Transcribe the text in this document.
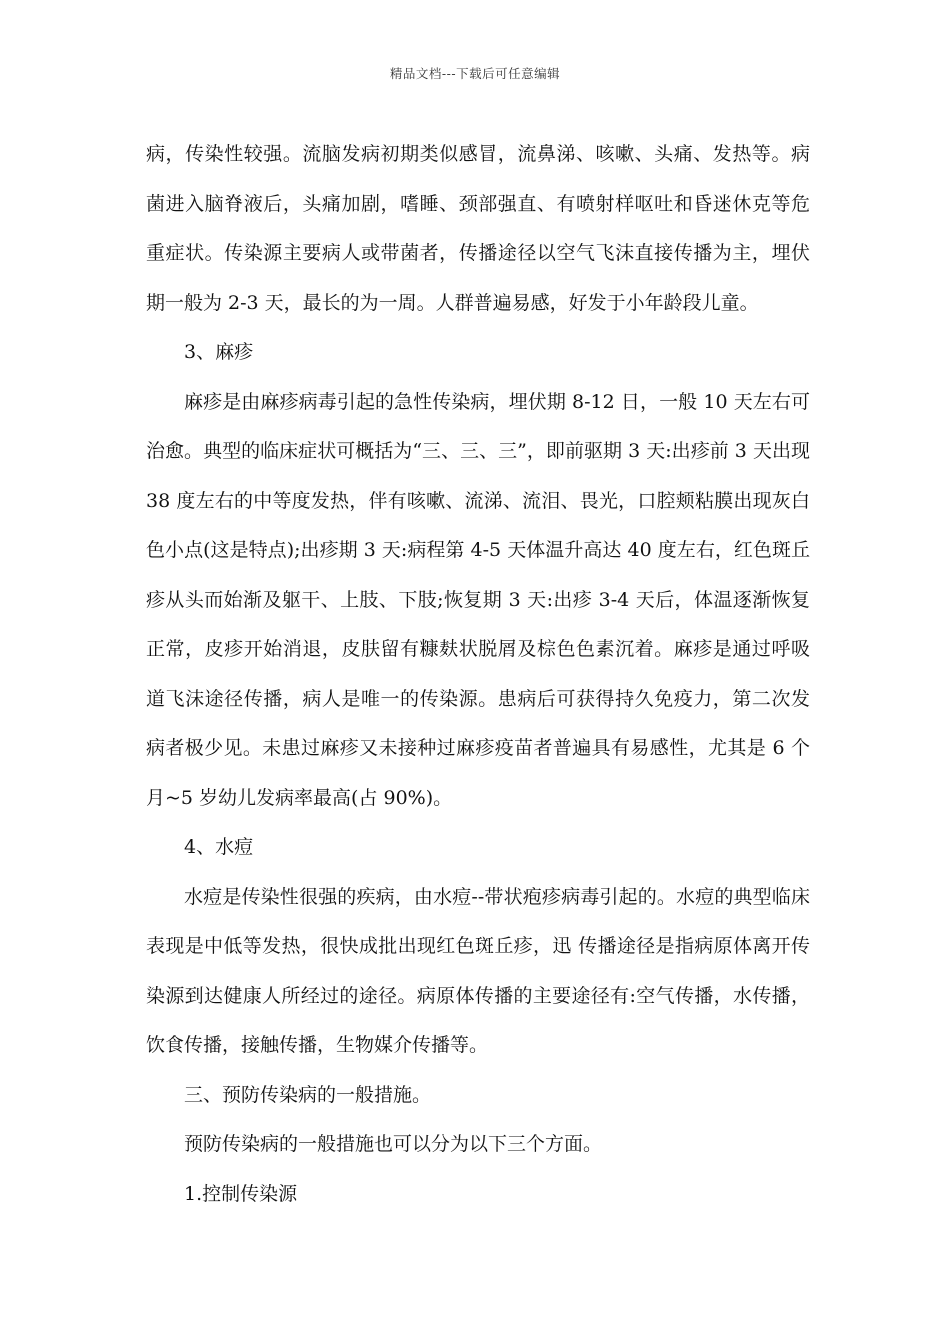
精品文档---下载后可任意编辑

病，传染性较强。流脑发病初期类似感冒，流鼻涕、咳嗽、头痛、发热等。病菌进入脑脊液后，头痛加剧，嗜睡、颈部强直、有喷射样呕吐和昏迷休克等危重症状。传染源主要病人或带菌者，传播途径以空气飞沫直接传播为主，埋伏期一般为 2-3 天，最长的为一周。人群普遍易感，好发于小年龄段儿童。

3、麻疹

麻疹是由麻疹病毒引起的急性传染病，埋伏期 8-12 日，一般 10 天左右可治愈。典型的临床症状可概括为“三、三、三”，即前驱期 3 天:出疹前 3 天出现 38 度左右的中等度发热，伴有咳嗽、流涕、流泪、畏光，口腔颊粘膜出现灰白色小点(这是特点);出疹期 3 天:病程第 4-5 天体温升高达 40 度左右，红色斑丘疹从头而始渐及躯干、上肢、下肢;恢复期 3 天:出疹 3-4 天后，体温逐渐恢复正常，皮疹开始消退，皮肤留有糠麸状脱屑及棕色色素沉着。麻疹是通过呼吸道飞沫途径传播，病人是唯一的传染源。患病后可获得持久免疫力，第二次发病者极少见。未患过麻疹又未接种过麻疹疫苗者普遍具有易感性，尤其是 6 个月~5 岁幼儿发病率最高(占 90%)。

4、水痘

水痘是传染性很强的疾病，由水痘--带状疱疹病毒引起的。水痘的典型临床表现是中低等发热，很快成批出现红色斑丘疹，迅 传播途径是指病原体离开传染源到达健康人所经过的途径。病原体传播的主要途径有:空气传播，水传播，饮食传播，接触传播，生物媒介传播等。

三、预防传染病的一般措施。

预防传染病的一般措施也可以分为以下三个方面。

1.控制传染源
